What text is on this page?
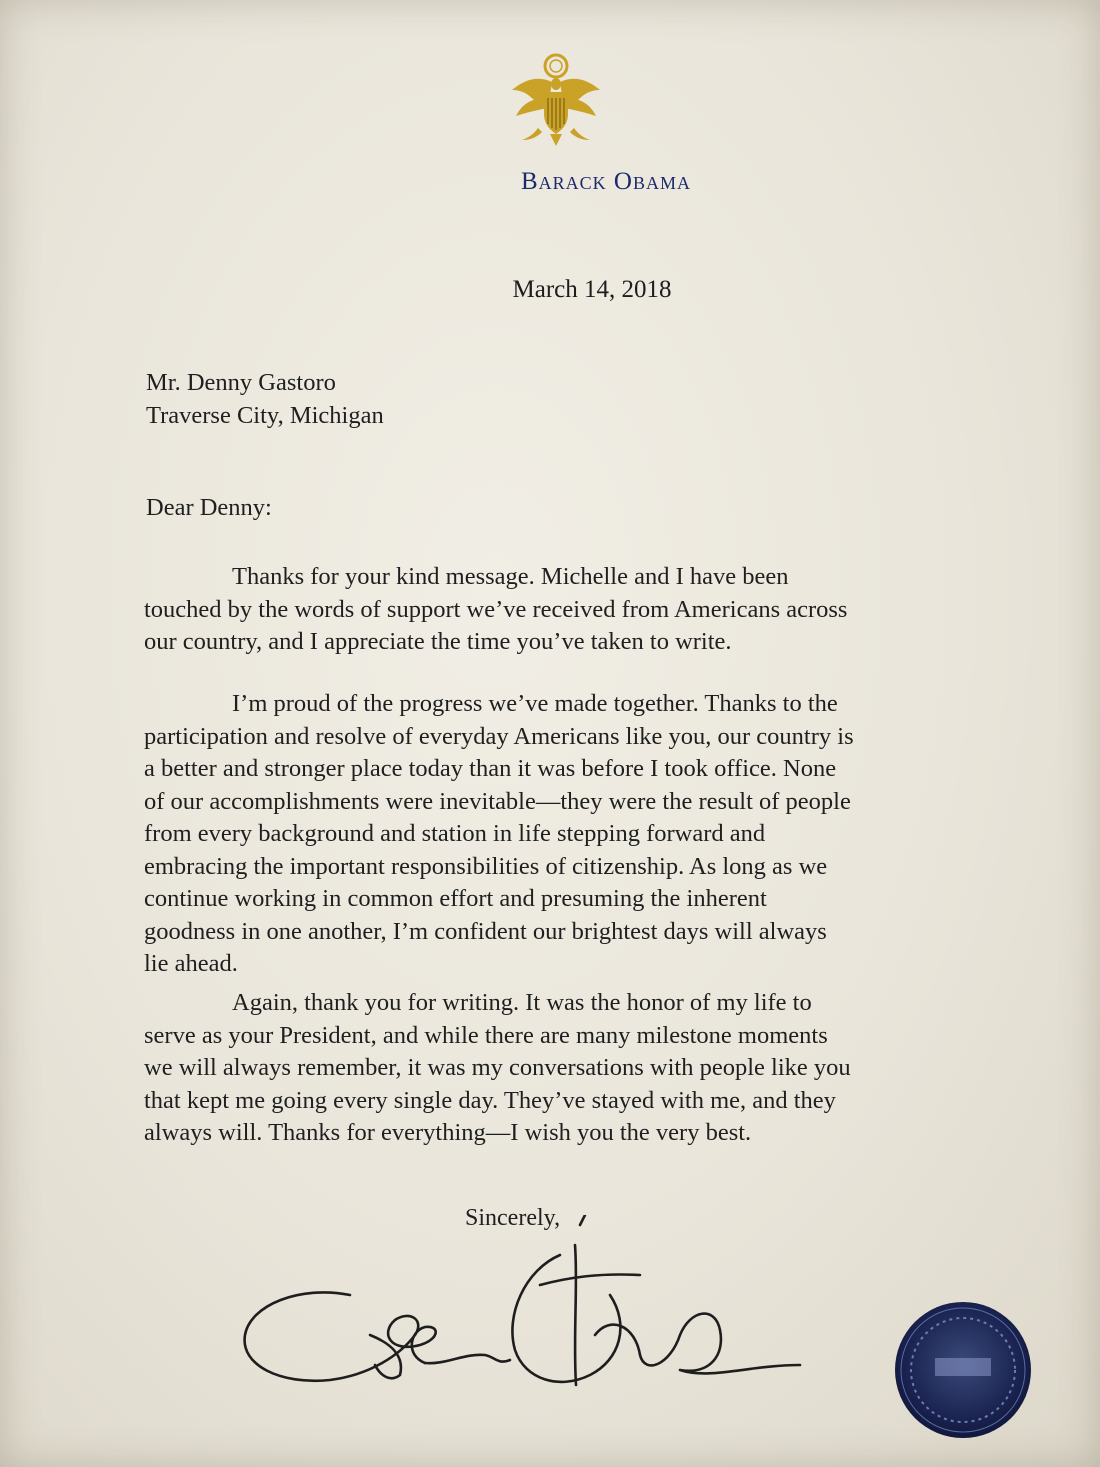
Barack Obama
March 14, 2018
Mr. Denny Gastoro
Traverse City, Michigan
Dear Denny:
Thanks for your kind message. Michelle and I have been
touched by the words of support we’ve received from Americans across
our country, and I appreciate the time you’ve taken to write.
I’m proud of the progress we’ve made together. Thanks to the
participation and resolve of everyday Americans like you, our country is
a better and stronger place today than it was before I took office. None
of our accomplishments were inevitable—they were the result of people
from every background and station in life stepping forward and
embracing the important responsibilities of citizenship. As long as we
continue working in common effort and presuming the inherent
goodness in one another, I’m confident our brightest days will always
lie ahead.
Again, thank you for writing. It was the honor of my life to
serve as your President, and while there are many milestone moments
we will always remember, it was my conversations with people like you
that kept me going every single day. They’ve stayed with me, and they
always will. Thanks for everything—I wish you the very best.
Sincerely,
